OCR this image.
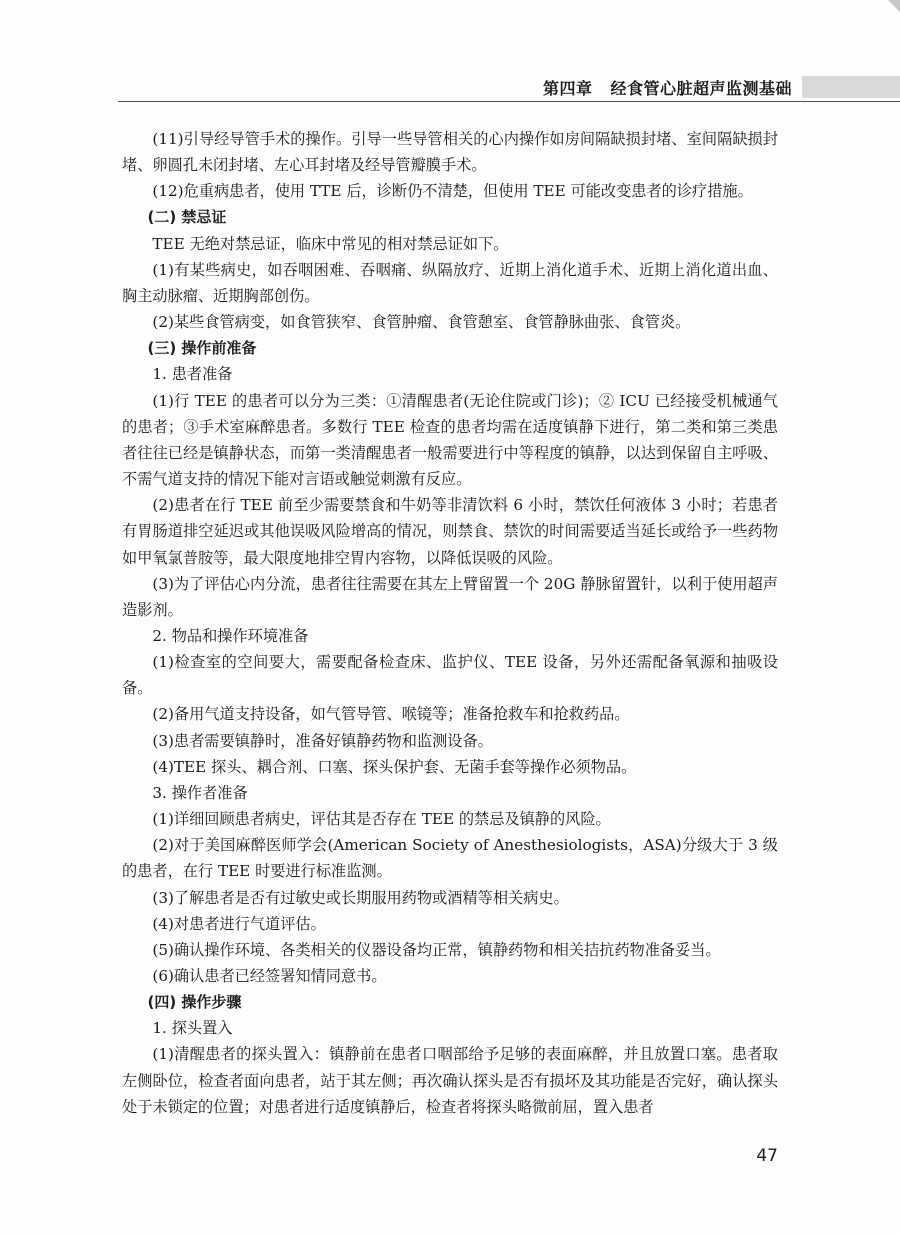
第四章 经食管心脏超声监测基础

(11)引导经导管手术的操作。引导一些导管相关的心内操作如房间隔缺损封堵、室间隔缺损封堵、卵圆孔未闭封堵、左心耳封堵及经导管瓣膜手术。

(12)危重病患者，使用 TTE 后，诊断仍不清楚，但使用 TEE 可能改变患者的诊疗措施。

(二) 禁忌证

TEE 无绝对禁忌证，临床中常见的相对禁忌证如下。

(1)有某些病史，如吞咽困难、吞咽痛、纵隔放疗、近期上消化道手术、近期上消化道出血、胸主动脉瘤、近期胸部创伤。

(2)某些食管病变，如食管狭窄、食管肿瘤、食管憩室、食管静脉曲张、食管炎。

(三) 操作前准备

1. 患者准备

(1)行 TEE 的患者可以分为三类：①清醒患者(无论住院或门诊)；② ICU 已经接受机械通气的患者；③手术室麻醉患者。多数行 TEE 检查的患者均需在适度镇静下进行，第二类和第三类患者往往已经是镇静状态，而第一类清醒患者一般需要进行中等程度的镇静，以达到保留自主呼吸、不需气道支持的情况下能对言语或触觉刺激有反应。

(2)患者在行 TEE 前至少需要禁食和牛奶等非清饮料 6 小时，禁饮任何液体 3 小时；若患者有胃肠道排空延迟或其他误吸风险增高的情况，则禁食、禁饮的时间需要适当延长或给予一些药物如甲氧氯普胺等，最大限度地排空胃内容物，以降低误吸的风险。

(3)为了评估心内分流，患者往往需要在其左上臂留置一个 20G 静脉留置针，以利于使用超声造影剂。

2. 物品和操作环境准备

(1)检查室的空间要大，需要配备检查床、监护仪、TEE 设备，另外还需配备氧源和抽吸设备。

(2)备用气道支持设备，如气管导管、喉镜等；准备抢救车和抢救药品。

(3)患者需要镇静时，准备好镇静药物和监测设备。

(4)TEE 探头、耦合剂、口塞、探头保护套、无菌手套等操作必须物品。

3. 操作者准备

(1)详细回顾患者病史，评估其是否存在 TEE 的禁忌及镇静的风险。

(2)对于美国麻醉医师学会(American Society of Anesthesiologists，ASA)分级大于 3 级的患者，在行 TEE 时要进行标准监测。

(3)了解患者是否有过敏史或长期服用药物或酒精等相关病史。

(4)对患者进行气道评估。

(5)确认操作环境、各类相关的仪器设备均正常，镇静药物和相关拮抗药物准备妥当。

(6)确认患者已经签署知情同意书。

(四) 操作步骤

1. 探头置入

(1)清醒患者的探头置入：镇静前在患者口咽部给予足够的表面麻醉，并且放置口塞。患者取左侧卧位，检查者面向患者，站于其左侧；再次确认探头是否有损坏及其功能是否完好，确认探头处于未锁定的位置；对患者进行适度镇静后，检查者将探头略微前屈，置入患者

47
